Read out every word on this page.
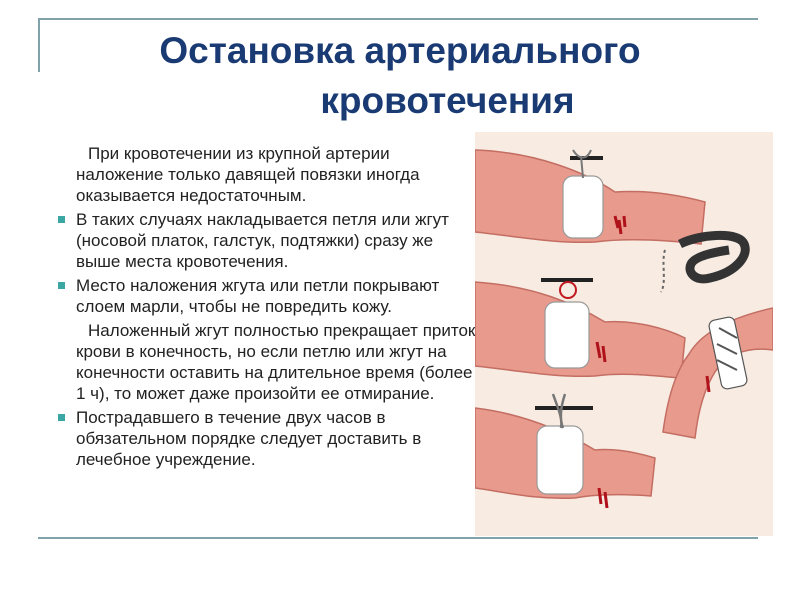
Остановка артериального
кровотечения

При кровотечении из крупной артерии наложение только давящей повязки иногда оказывается недостаточным.

В таких случаях накладывается петля или жгут (носовой платок, галстук, подтяжки) сразу же выше места кровотечения.

Место наложения жгута или петли покрывают слоем марли, чтобы не повредить кожу.

Наложенный жгут полностью прекращает приток крови в конечность, но если петлю или жгут на конечности оставить на длительное время (более 1 ч), то может даже произойти ее отмирание.

Пострадавшего в течение двух часов в обязательном порядке следует доставить в лечебное учреждение.
